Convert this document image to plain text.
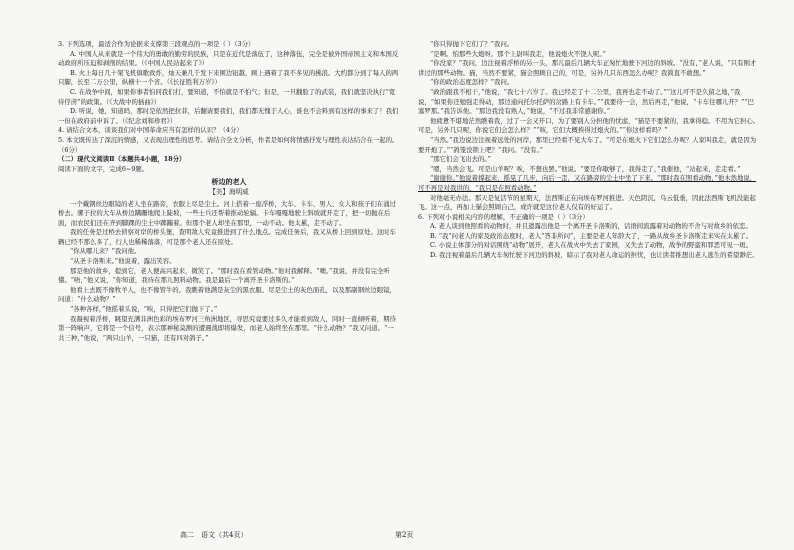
3. 下列选项，最适合作为论据来支撑第三段观点的一项是（ ）（3分）
A. 中国人从来就是一个伟大的勇敢的勤劳的民族，只是在近代是落伍了，这种落伍，完全是被外国帝国主义和本国反动政府所压迫和剥削的结果。（《中国人民站起来了》）
B. 火上每日几十架飞机俱歌致炸，灿天兼几千发下来围边钮越，顾上遇着了我不多见的拂浪。大约都分到了每人的两只脚，长至二万公里，纵横十一个省。（《长征胜利万岁》）
C. 在战争中间，如果你事者怕同我们打，要知道，不怕就是不怕气；但是，一旦翻脸了的武装，我们就坚决执行“宽待俘虏”的政策。（《大战中的插曲》）
D. 听说，她，知道吗，那时是依然把拉菲，后翻请要我们，我们都无愧于人心，谁也不会料到有这样的事来了！我们一但在政府前申诉了。（《纪念刘和珍君》）
4. 请结合文本，谈谈我们对中国革命应当有怎样的认识？（4分）
5. 本文既传达了深沉的情感，又表现出理性的思考。请结合全文分析，作者是如何将情感抒发与理性表达结合在一起的。（6分）
（二）现代文阅读Ⅱ（本题共4小题，18分）
阅读下面的文字，完成6~9题。
桥边的老人
【美】海明威
一个戴钢丝边眼镜的老人坐在路旁，衣服上尽是尘土。河上搭着一座浮桥，大车、卡车、男人、女人和孩子们在涌过桥去。骡子拉的大车从桥边蹒跚地爬上陡坡，一些士兵还帮着推动轮辐。卡车嘎嘎地驶上斜坡就开走了，把一切抛在后面，而农民们还在齐到脚踝的尘土中踯躅着。但那个老人却坐在那里，一动不动。他太累，走不动了。
我的任务是过桥去侦察对岸的桥头堡，查明敌人究竟推进到了什么地点。完成任务后，我又从桥上回到原处。这时车辆已经不那么多了，行人也稀稀落落，可是那个老人还在原处。
“你从哪儿来？”我问他。
“从圣卡洛斯来。”他说着，露出笑容。
那是他的故乡，提到它，老人便高兴起来，微笑了。“那时我在看管动物。”他对我解释。“噢。”我说，并没有完全听懂。“唔，”他又说，“你知道，我待在那儿照料动物。我是最后一个离开圣卡洛斯的。”
他看上去既不像牧羊人，也不像管牛的。我瞧着他满是灰尘的黑衣服、尽是尘土的灰色面孔，以及那副钢丝边眼镜，问道：“什么动物？”
“各种各样，”他摇着头说，“唉，只得把它们抛下了。”
我凝视着浮桥，眺望充满非洲色彩的埃布罗河三角洲地区，寻思究竟要过多久才能看到敌人，同时一直倾听着，期待第一阵响声，它将是一个信号，表示那神秘莫测的遭遇战即将爆发，而老人始终坐在那里。“什么动物？”我又问道。“一共三种，”他说，“两只山羊，一只猫，还有四对鸽子。”
“你只得抛下它们了？”我问。
“是啊。怕那些大炮呀。那个上尉叫我走，他说炮火不饶人呢。”
“你没家？”我问，边注视着浮桥的另一头，那儿最后几辆大车正匆忙地驶下河边的斜坡。“没有，”老人说，“只有刚才讲过的那些动物。猫，当然不要紧，猫会照顾自己的，可是，另外几只东西怎么办呢？我简直不敢想。”
“你的政治态度怎样？”我问。
“政治跟我不相干，”他说，“我七十六岁了。我已经走了十二公里，我再也走不动了。”“这儿可不是久留之地，”我说，“如果你还勉强走得动，那边通向托尔托萨的岔路上有卡车。”“我要待一会，然后再走，”他说，“卡车往哪儿开？”“巴塞罗那。”我告诉他。“那边我没有熟人，”他说，“不过我非常感谢你。”
他疲惫不堪地茫然瞧着我，过了一会又开口，为了要别人分担他的忧虑，“猫是不要紧的，我拿得稳。不用为它担心。可是，另外几只呢，你说它们会怎么样？”“咳，它们大概挨得过炮火的。”“你这样看吗？”
“当然。”我边说边注视着远处的河岸，那里已经看不见大车了。“可是在炮火下它们怎么办呢？人家叫我走，就是因为要开炮了。”“鸽笼没锁上吧？”我问。“没有。”
“那它们会飞出去的。”
“嗯，当然会飞。可是山羊呢？唉，不想也罢。”他说。“要是你歇够了，我得走了，”我催他，“站起来，走走看。”
“谢谢你。”他说着撑起来，摇晃了几步，向后一歪，又在路旁的尘土中坐了下来。“那时我在照看动物，”他木然地说，可不再是对我讲的，“我只是在照看动物。”
对他毫无办法。那天是复活节的星期天，法西斯正在向埃布罗河推进。天色阴沉，乌云低垂，因此法西斯飞机没能起飞。这一点，再加上猫会照顾自己，或许就是这位老人仅有的好运了。
6. 下列对小说相关内容的理解，不正确的一项是（ ）（3分）
A. 老人谈到他照看的动物时，并且遗露出他是一个离开圣卡洛斯的，话语间流露着对动物的不舍与对故乡的依恋。
B. “我”问老人的家及政治态度时，老人“答非所问”，主要是老人年龄大了，一路从故乡圣卡洛斯走来实在太累了。
C. 小说主体部分的对话围绕“动物”展开，老人在战火中失去了家园，又失去了动物，战争的野蛮和罪恶可见一斑。
D. 我注视着最后几辆大车匆忙驶下河边的斜坡，暗示了我对老人命运的担忧，也让读者推想出老人逃生的希望渺茫。
高二　语文（共4页）	第2页
